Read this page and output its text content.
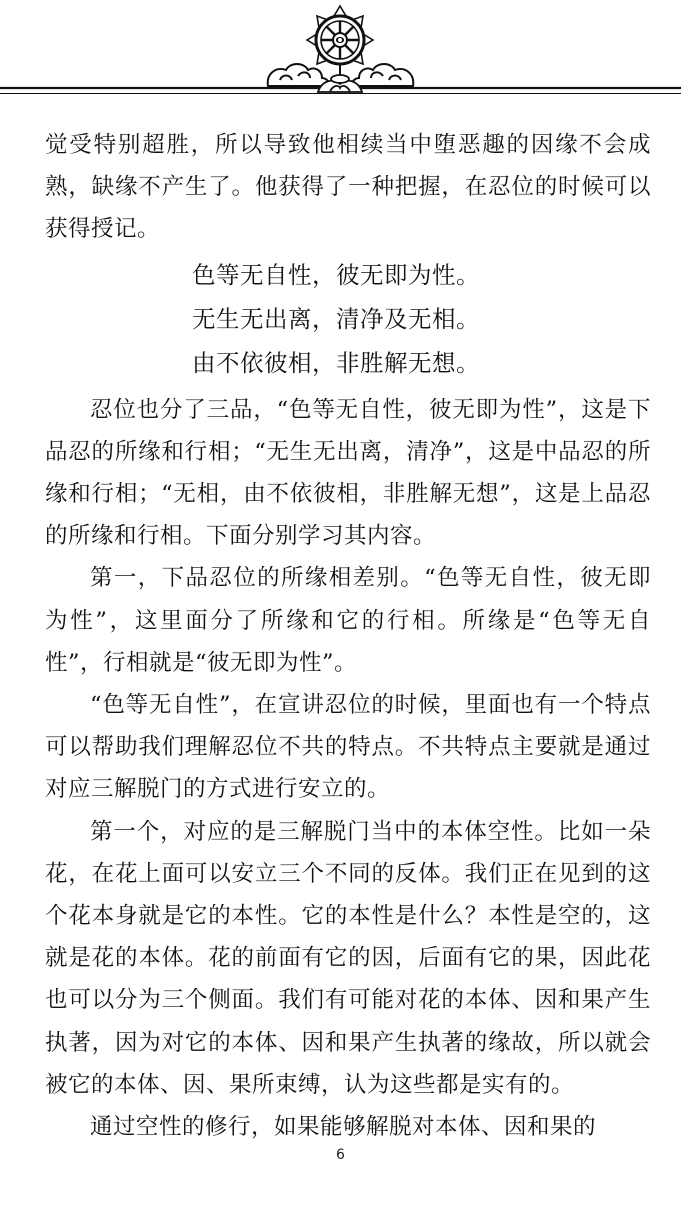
觉受特别超胜，所以导致他相续当中堕恶趣的因缘不会成熟，缺缘不产生了。他获得了一种把握，在忍位的时候可以获得授记。

色等无自性，彼无即为性。

无生无出离，清净及无相。

由不依彼相，非胜解无想。

忍位也分了三品，“色等无自性，彼无即为性”，这是下品忍的所缘和行相；“无生无出离，清净”，这是中品忍的所缘和行相；“无相，由不依彼相，非胜解无想”，这是上品忍的所缘和行相。下面分别学习其内容。

第一，下品忍位的所缘相差别。“色等无自性，彼无即为性”，这里面分了所缘和它的行相。所缘是“色等无自性”，行相就是“彼无即为性”。

“色等无自性”，在宣讲忍位的时候，里面也有一个特点可以帮助我们理解忍位不共的特点。不共特点主要就是通过对应三解脱门的方式进行安立的。

第一个，对应的是三解脱门当中的本体空性。比如一朵花，在花上面可以安立三个不同的反体。我们正在见到的这个花本身就是它的本性。它的本性是什么？本性是空的，这就是花的本体。花的前面有它的因，后面有它的果，因此花也可以分为三个侧面。我们有可能对花的本体、因和果产生执著，因为对它的本体、因和果产生执著的缘故，所以就会被它的本体、因、果所束缚，认为这些都是实有的。

通过空性的修行，如果能够解脱对本体、因和果的

6
